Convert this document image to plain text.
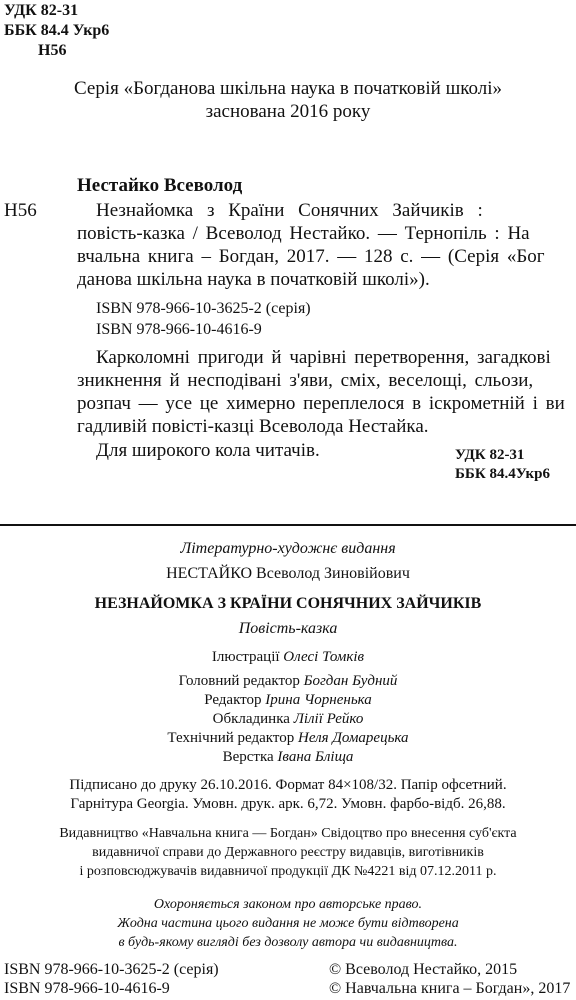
УДК 82-31
ББК 84.4 Укр6
Н56
Серія «Богданова шкільна наука в початковій школі»
заснована 2016 року
Нестайко Всеволод
Н56	Незнайомка з Країни Сонячних Зайчиків :
повість-казка / Всеволод Нестайко. — Тернопіль : На
вчальна книга – Богдан, 2017. — 128 с. — (Серія «Бог
данова шкільна наука в початковій школі»).
ISBN 978-966-10-3625-2 (серія)
ISBN 978-966-10-4616-9
Карколомні пригоди й чарівні перетворення, загадкові
зникнення й несподівані з'яви, сміх, веселощі, сльози,
розпач — усе це химерно переплелося в іскрометній і ви
гадливій повісті-казці Всеволода Нестайка.
Для широкого кола читачів.	УДК 82-31
ББК 84.4Укр6
Літературно-художнє видання
НЕСТАЙКО Всеволод Зиновійович
НЕЗНАЙОМКА З КРАЇНИ СОНЯЧНИХ ЗАЙЧИКІВ
Повість-казка
Ілюстрації Олесі Томків
Головний редактор Богдан Будний
Редактор Ірина Чорненька
Обкладинка Лілії Рейко
Технічний редактор Неля Домарецька
Верстка Івана Бліщa
Підписано до друку 26.10.2016. Формат 84×108/32. Папір офсетний.
Гарнітура Georgia. Умовн. друк. арк. 6,72. Умовн. фарбо-відб. 26,88.
Видавництво «Навчальна книга — Богдан» Свідоцтво про внесення суб'єкта
видавничої справи до Державного реєстру видавців, виготівників
і розповсюджувачів видавничої продукції ДК №4221 від 07.12.2011 р.
Охороняється законом про авторське право.
Жодна частина цього видання не може бути відтворена
в будь-якому вигляді без дозволу автора чи видавництва.
ISBN 978-966-10-3625-2 (серія)
ISBN 978-966-10-4616-9
© Всеволод Нестайко, 2015
© Навчальна книга – Богдан», 2017
